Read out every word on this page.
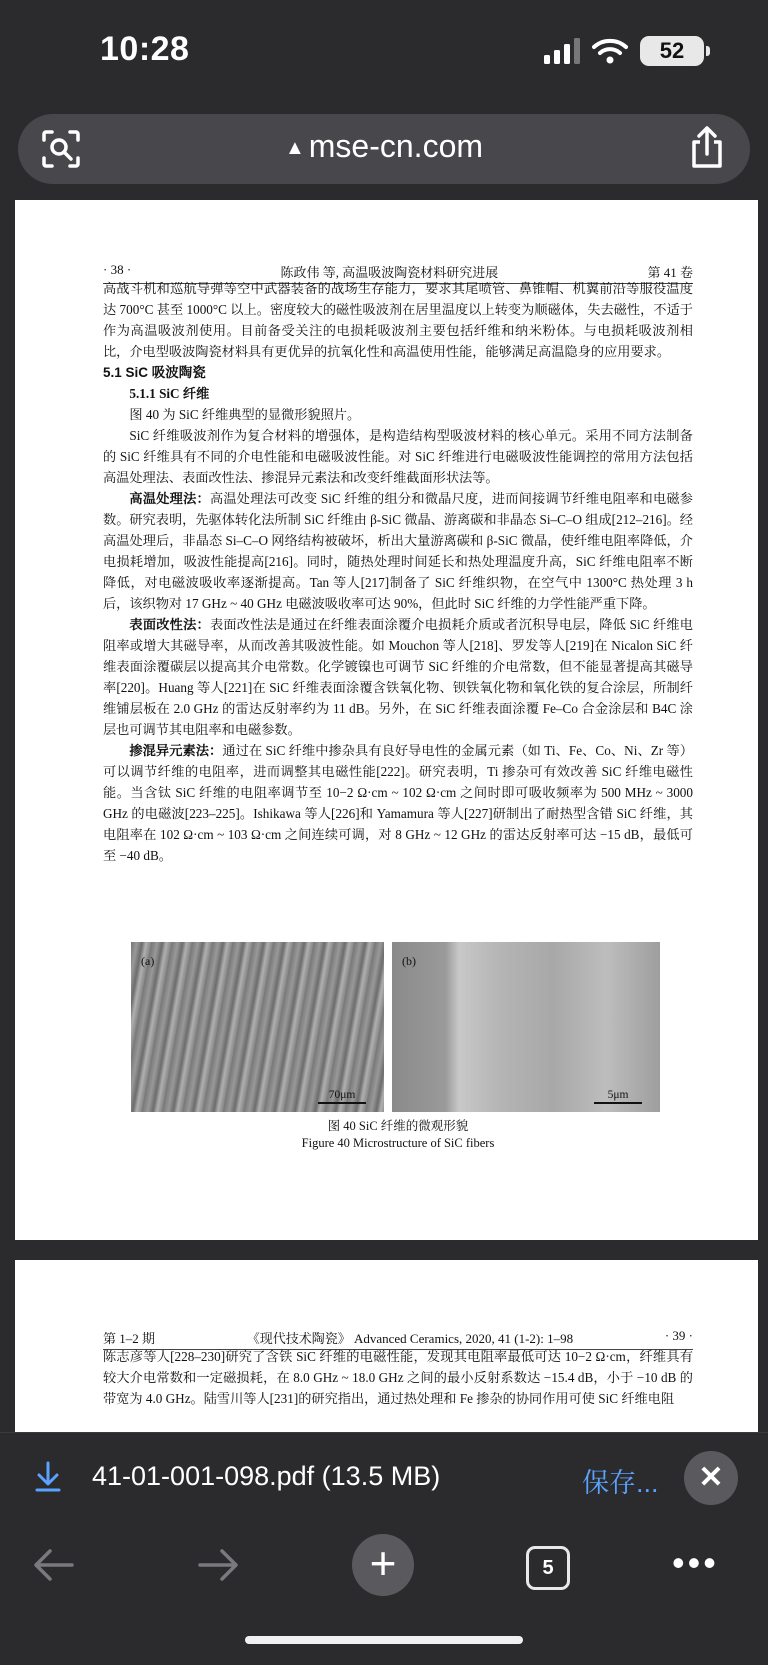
10:28	52
▲ mse-cn.com
· 38 ·	陈政伟 等, 高温吸波陶瓷材料研究进展	第 41 卷

高战斗机和巡航导弹等空中武器装备的战场生存能力，要求其尾喷管、鼻锥帽、机翼前沿等服役温度达 700°C 甚至 1000°C 以上。密度较大的磁性吸波剂在居里温度以上转变为顺磁体，失去磁性，不适于作为高温吸波剂使用。目前备受关注的电损耗吸波剂主要包括纤维和纳米粉体。与电损耗吸波剂相比，介电型吸波陶瓷材料具有更优异的抗氧化性和高温使用性能，能够满足高温隐身的应用要求。

5.1 SiC 吸波陶瓷

5.1.1 SiC 纤维

图 40 为 SiC 纤维典型的显微形貌照片。

SiC 纤维吸波剂作为复合材料的增强体，是构造结构型吸波材料的核心单元。采用不同方法制备的 SiC 纤维具有不同的介电性能和电磁吸波性能。对 SiC 纤维进行电磁吸波性能调控的常用方法包括高温处理法、表面改性法、掺混异元素法和改变纤维截面形状法等。

高温处理法：高温处理法可改变 SiC 纤维的组分和微晶尺度，进而间接调节纤维电阻率和电磁参数。研究表明，先驱体转化法所制 SiC 纤维由 β-SiC 微晶、游离碳和非晶态 Si–C–O 组成[212–216]。经高温处理后，非晶态 Si–C–O 网络结构被破坏，析出大量游离碳和 β-SiC 微晶，使纤维电阻率降低，介电损耗增加，吸波性能提高[216]。同时，随热处理时间延长和热处理温度升高，SiC 纤维电阻率不断降低，对电磁波吸收率逐渐提高。Tan 等人[217]制备了 SiC 纤维织物，在空气中 1300°C 热处理 3 h 后，该织物对 17 GHz ~ 40 GHz 电磁波吸收率可达 90%，但此时 SiC 纤维的力学性能严重下降。

表面改性法：表面改性法是通过在纤维表面涂覆介电损耗介质或者沉积导电层，降低 SiC 纤维电阻率或增大其磁导率，从而改善其吸波性能。如 Mouchon 等人[218]、罗发等人[219]在 Nicalon SiC 纤维表面涂覆碳层以提高其介电常数。化学镀镍也可调节 SiC 纤维的介电常数，但不能显著提高其磁导率[220]。Huang 等人[221]在 SiC 纤维表面涂覆含铁氧化物、钡铁氧化物和氧化铁的复合涂层，所制纤维铺层板在 2.0 GHz 的雷达反射率约为 11 dB。另外，在 SiC 纤维表面涂覆 Fe–Co 合金涂层和 B4C 涂层也可调节其电阻率和电磁参数。

掺混异元素法：通过在 SiC 纤维中掺杂具有良好导电性的金属元素（如 Ti、Fe、Co、Ni、Zr 等）可以调节纤维的电阻率，进而调整其电磁性能[222]。研究表明，Ti 掺杂可有效改善 SiC 纤维电磁性能。当含钛 SiC 纤维的电阻率调节至 10−2 Ω·cm ~ 102 Ω·cm 之间时即可吸收频率为 500 MHz ~ 3000 GHz 的电磁波[223–225]。Ishikawa 等人[226]和 Yamamura 等人[227]研制出了耐热型含错 SiC 纤维，其电阻率在 102 Ω·cm ~ 103 Ω·cm 之间连续可调，对 8 GHz ~ 12 GHz 的雷达反射率可达 −15 dB，最低可至 −40 dB。

(a)
70μm
(b)
5μm
图 40 SiC 纤维的微观形貌
Figure 40 Microstructure of SiC fibers
第 1–2 期	《现代技术陶瓷》 Advanced Ceramics, 2020, 41 (1-2): 1–98	· 39 ·

陈志彦等人[228–230]研究了含铁 SiC 纤维的电磁性能，发现其电阻率最低可达 10−2 Ω·cm，纤维具有较大介电常数和一定磁损耗，在 8.0 GHz ~ 18.0 GHz 之间的最小反射系数达 −15.4 dB，小于 −10 dB 的带宽为 4.0 GHz。陆雪川等人[231]的研究指出，通过热处理和 Fe 掺杂的协同作用可使 SiC 纤维电阻

41-01-001-098.pdf (13.5 MB)	保存...	✕
+	5	•••
